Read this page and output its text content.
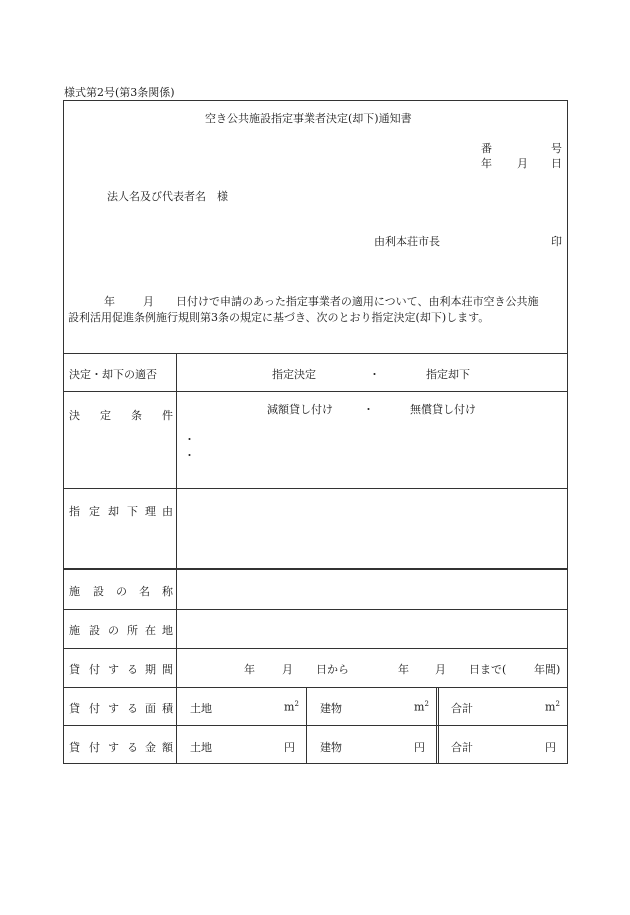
様式第2号(第3条関係)
空き公共施設指定事業者決定(却下)通知書
番	号
年 月 日
法人名及び代表者名　様
由利本荘市長	印
年	月 日付けで申請のあった指定事業者の適用について、由利本荘市空き公共施
設利活用促進条例施行規則第3条の規定に基づき、次のとおり指定決定(却下)します。
決定・却下の適否	指定決定	・	指定却下
決 定 条 件	減額貸し付け	・	無償貸し付け
・
・
指 定 却 下 理 由
施 設 の 名 称
施 設 の 所 在 地
貸 付 す る 期 間	年 月 日から	年 月 日まで(	年間)
貸 付 す る 面 積 土地	$m^2$ 建物	$m^2$ 合計	$m^2$
貸 付 す る 金 額 土地	円 建物	円 合計	円
